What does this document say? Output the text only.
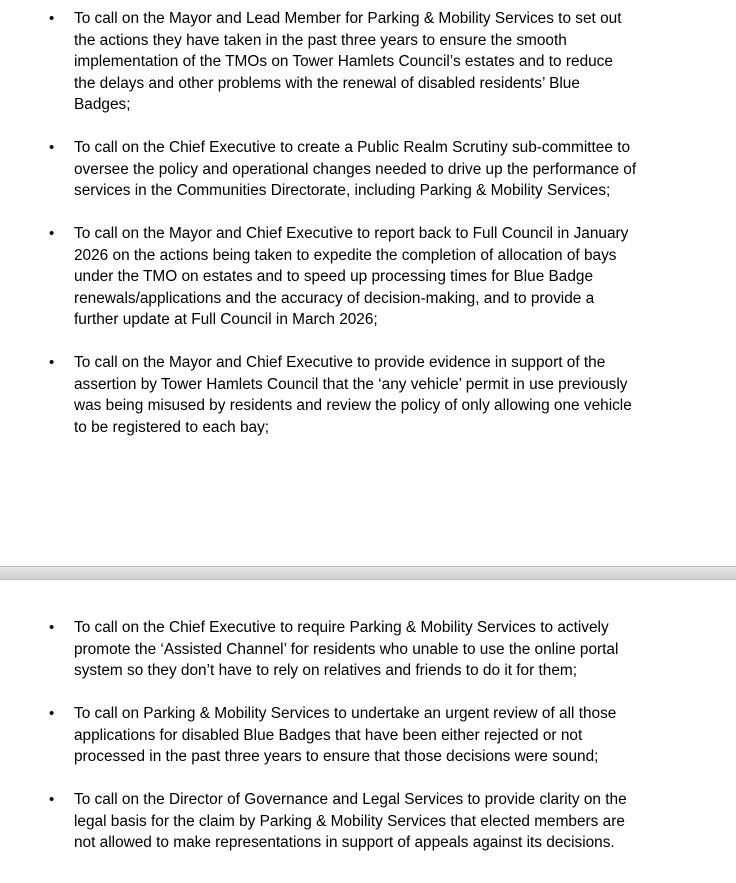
• To call on the Mayor and Lead Member for Parking & Mobility Services to set out
the actions they have taken in the past three years to ensure the smooth
implementation of the TMOs on Tower Hamlets Council’s estates and to reduce
the delays and other problems with the renewal of disabled residents’ Blue
Badges;
• To call on the Chief Executive to create a Public Realm Scrutiny sub-committee to
oversee the policy and operational changes needed to drive up the performance of
services in the Communities Directorate, including Parking & Mobility Services;
• To call on the Mayor and Chief Executive to report back to Full Council in January
2026 on the actions being taken to expedite the completion of allocation of bays
under the TMO on estates and to speed up processing times for Blue Badge
renewals/applications and the accuracy of decision-making, and to provide a
further update at Full Council in March 2026;
• To call on the Mayor and Chief Executive to provide evidence in support of the
assertion by Tower Hamlets Council that the ‘any vehicle’ permit in use previously
was being misused by residents and review the policy of only allowing one vehicle
to be registered to each bay;
• To call on the Chief Executive to require Parking & Mobility Services to actively
promote the ‘Assisted Channel’ for residents who unable to use the online portal
system so they don’t have to rely on relatives and friends to do it for them;
• To call on Parking & Mobility Services to undertake an urgent review of all those
applications for disabled Blue Badges that have been either rejected or not
processed in the past three years to ensure that those decisions were sound;
• To call on the Director of Governance and Legal Services to provide clarity on the
legal basis for the claim by Parking & Mobility Services that elected members are
not allowed to make representations in support of appeals against its decisions.
